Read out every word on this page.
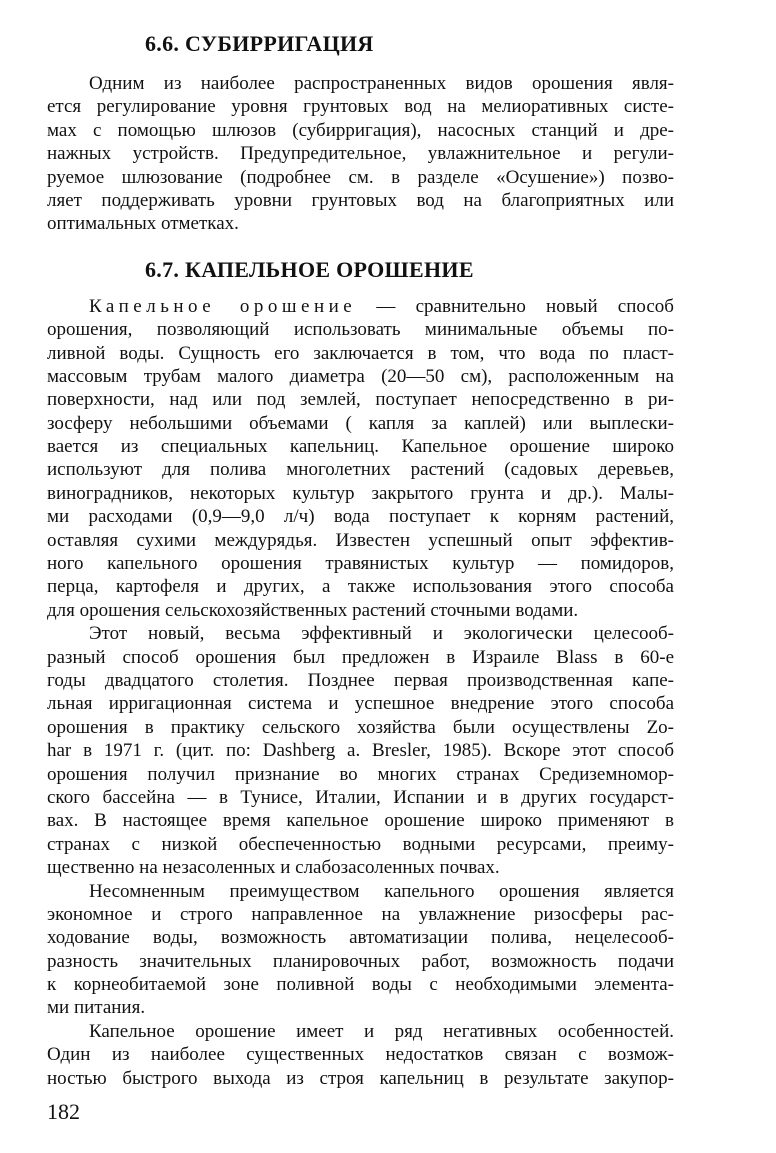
6.6. СУБИРРИГАЦИЯ
Одним из наиболее распространенных видов орошения явля-
ется регулирование уровня грунтовых вод на мелиоративных систе-
мах с помощью шлюзов (субирригация), насосных станций и дре-
нажных устройств. Предупредительное, увлажнительное и регули-
руемое шлюзование (подробнее см. в разделе «Осушение») позво-
ляет поддерживать уровни грунтовых вод на благоприятных или
оптимальных отметках.
6.7. КАПЕЛЬНОЕ ОРОШЕНИЕ
Капельное орошение — сравнительно новый способ
орошения, позволяющий использовать минимальные объемы по-
ливной воды. Сущность его заключается в том, что вода по пласт-
массовым трубам малого диаметра (20—50 см), расположенным на
поверхности, над или под землей, поступает непосредственно в ри-
зосферу небольшими объемами ( капля за каплей) или выплески-
вается из специальных капельниц. Капельное орошение широко
используют для полива многолетних растений (садовых деревьев,
виноградников, некоторых культур закрытого грунта и др.). Малы-
ми расходами (0,9—9,0 л/ч) вода поступает к корням растений,
оставляя сухими междурядья. Известен успешный опыт эффектив-
ного капельного орошения травянистых культур — помидоров,
перца, картофеля и других, а также использования этого способа
для орошения сельскохозяйственных растений сточными водами.
Этот новый, весьма эффективный и экологически целесооб-
разный способ орошения был предложен в Израиле Blass в 60-е
годы двадцатого столетия. Позднее первая производственная капе-
льная ирригационная система и успешное внедрение этого способа
орошения в практику сельского хозяйства были осуществлены Zo-
har в 1971 г. (цит. по: Dashberg a. Bresler, 1985). Вскоре этот способ
орошения получил признание во многих странах Средиземномор-
ского бассейна — в Тунисе, Италии, Испании и в других государст-
вах. В настоящее время капельное орошение широко применяют в
странах с низкой обеспеченностью водными ресурсами, преиму-
щественно на незасоленных и слабозасоленных почвах.
Несомненным преимуществом капельного орошения является
экономное и строго направленное на увлажнение ризосферы рас-
ходование воды, возможность автоматизации полива, нецелесооб-
разность значительных планировочных работ, возможность подачи
к корнеобитаемой зоне поливной воды с необходимыми элемента-
ми питания.
Капельное орошение имеет и ряд негативных особенностей.
Один из наиболее существенных недостатков связан с возмож-
ностью быстрого выхода из строя капельниц в результате закупор-
182
